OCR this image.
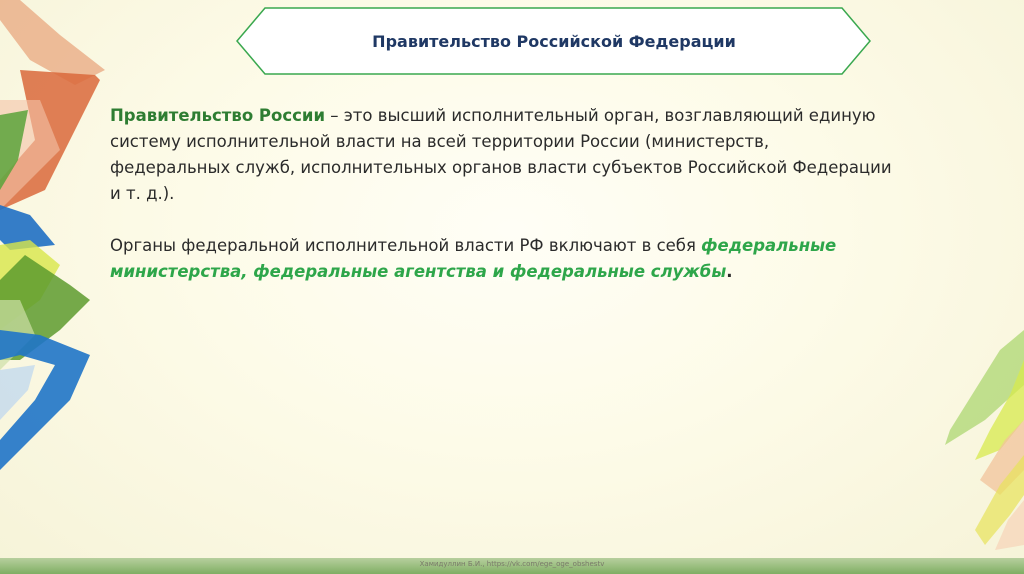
Правительство Российской Федерации

Правительство России – это высший исполнительный орган, возглавляющий единую
систему исполнительной власти на всей территории России (министерств,
федеральных служб, исполнительных органов власти субъектов Российской Федерации
и т. д.).

Органы федеральной исполнительной власти РФ включают в себя федеральные
министерства, федеральные агентства и федеральные службы.

Хамидуллин Б.И., https://vk.com/ege_oge_obshestv
